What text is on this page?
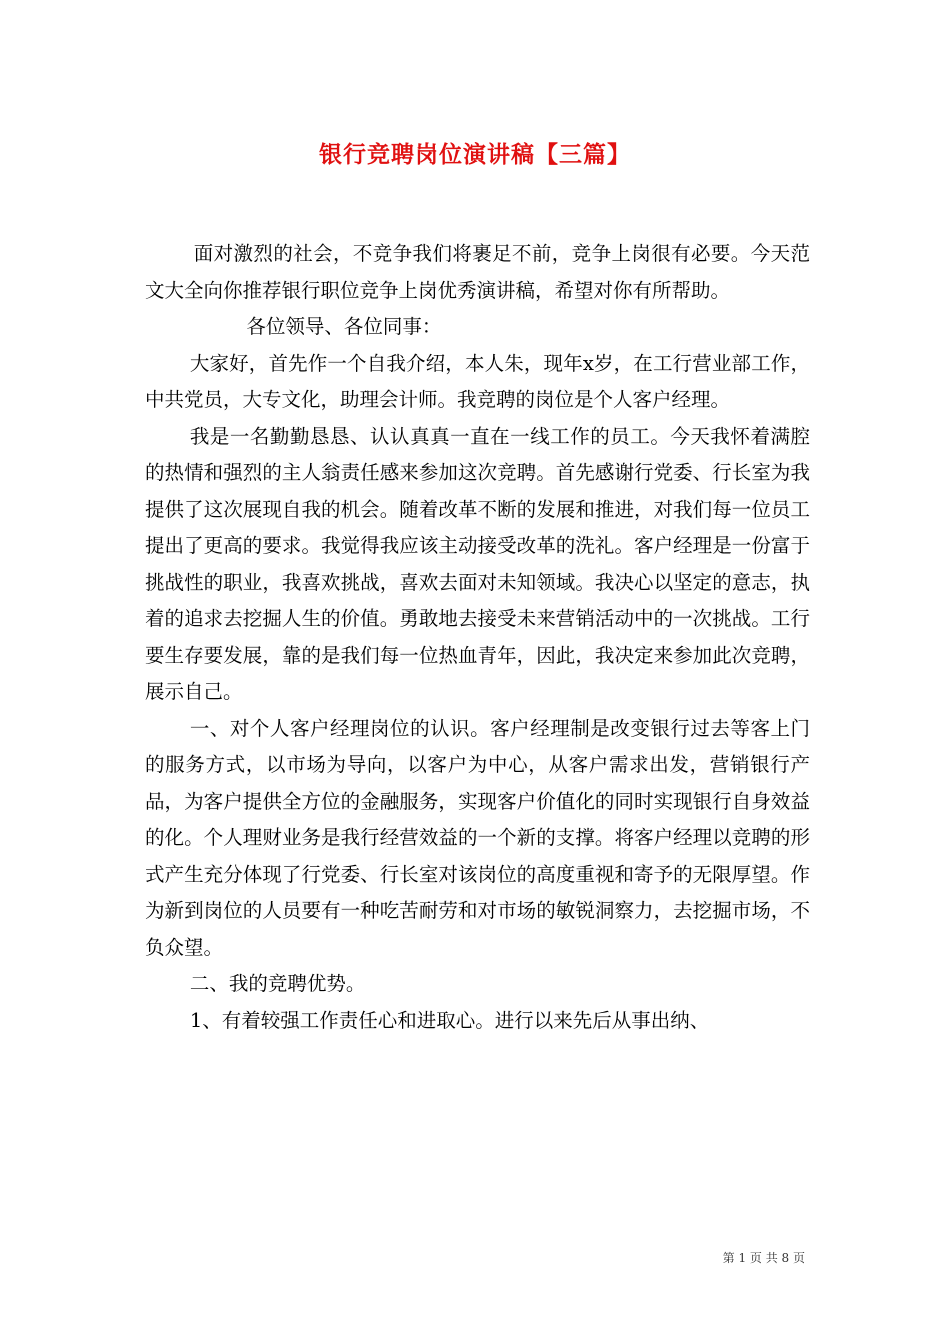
银行竞聘岗位演讲稿【三篇】

面对激烈的社会，不竞争我们将裹足不前，竞争上岗很有必要。今天范文大全向你推荐银行职位竞争上岗优秀演讲稿，希望对你有所帮助。

各位领导、各位同事：

大家好，首先作一个自我介绍，本人朱，现年x岁，在工行营业部工作，中共党员，大专文化，助理会计师。我竞聘的岗位是个人客户经理。

我是一名勤勤恳恳、认认真真一直在一线工作的员工。今天我怀着满腔的热情和强烈的主人翁责任感来参加这次竞聘。首先感谢行党委、行长室为我提供了这次展现自我的机会。随着改革不断的发展和推进，对我们每一位员工提出了更高的要求。我觉得我应该主动接受改革的洗礼。客户经理是一份富于挑战性的职业，我喜欢挑战，喜欢去面对未知领域。我决心以坚定的意志，执着的追求去挖掘人生的价值。勇敢地去接受未来营销活动中的一次挑战。工行要生存要发展，靠的是我们每一位热血青年，因此，我决定来参加此次竞聘，展示自己。

一、对个人客户经理岗位的认识。客户经理制是改变银行过去等客上门的服务方式，以市场为导向，以客户为中心，从客户需求出发，营销银行产品，为客户提供全方位的金融服务，实现客户价值化的同时实现银行自身效益的化。个人理财业务是我行经营效益的一个新的支撑。将客户经理以竞聘的形式产生充分体现了行党委、行长室对该岗位的高度重视和寄予的无限厚望。作为新到岗位的人员要有一种吃苦耐劳和对市场的敏锐洞察力，去挖掘市场，不负众望。

二、我的竞聘优势。

1、有着较强工作责任心和进取心。进行以来先后从事出纳、

第 1 页 共 8 页
